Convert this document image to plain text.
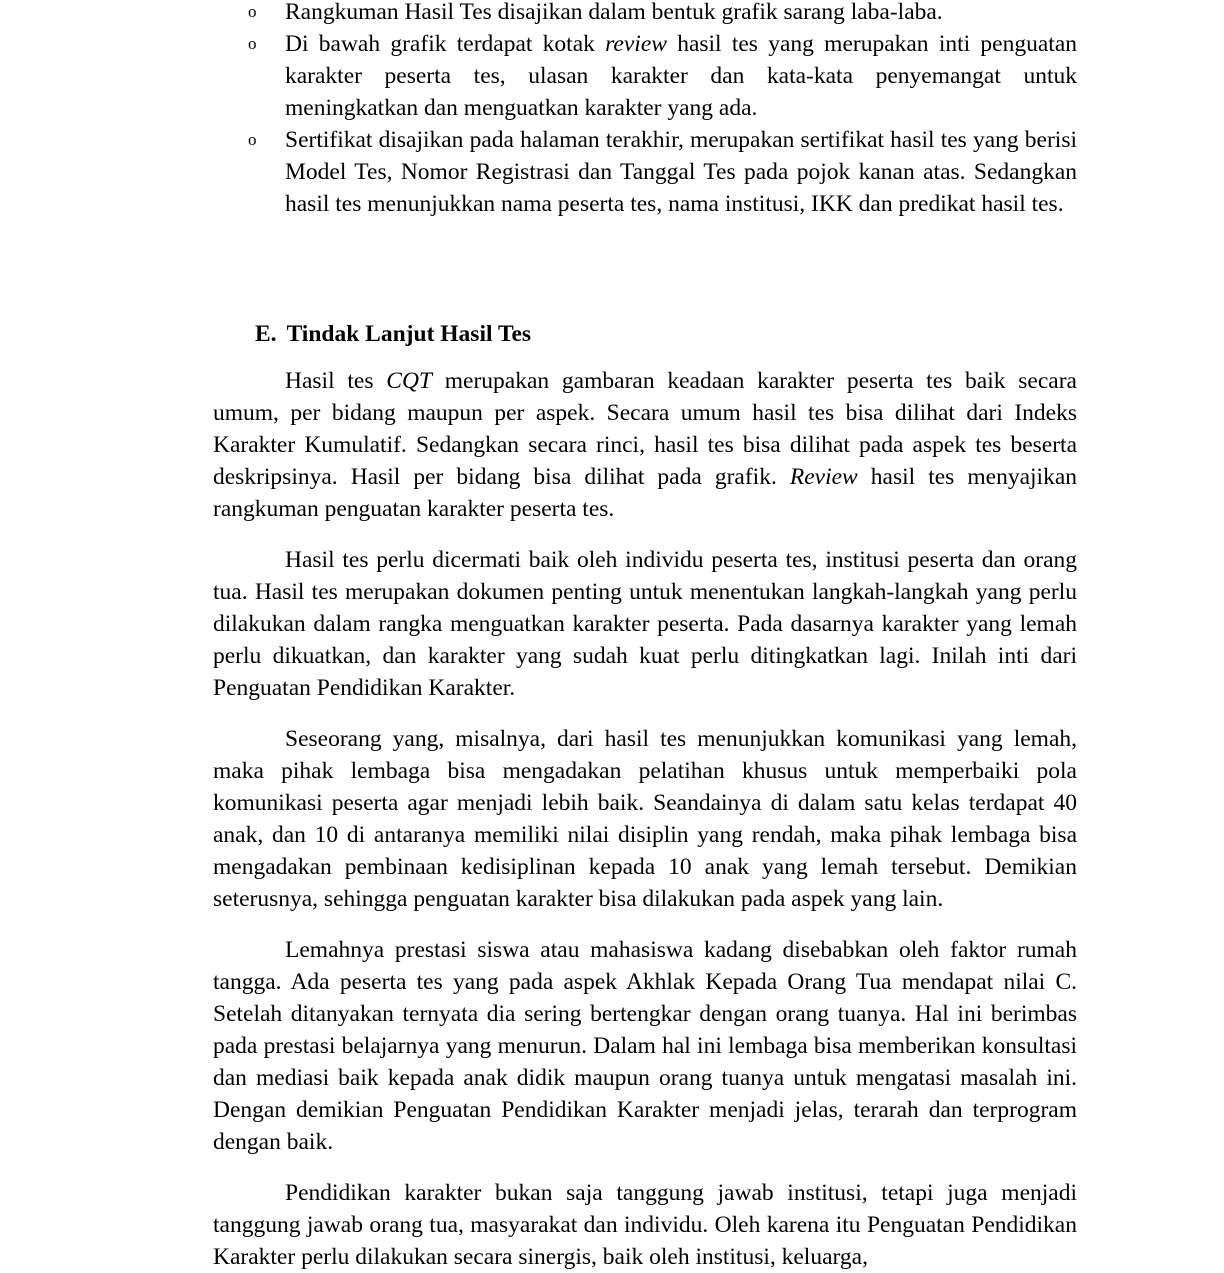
o Rangkuman Hasil Tes disajikan dalam bentuk grafik sarang laba-laba.
o Di bawah grafik terdapat kotak review hasil tes yang merupakan inti penguatan karakter peserta tes, ulasan karakter dan kata-kata penyemangat untuk meningkatkan dan menguatkan karakter yang ada.
o Sertifikat disajikan pada halaman terakhir, merupakan sertifikat hasil tes yang berisi Model Tes, Nomor Registrasi dan Tanggal Tes pada pojok kanan atas. Sedangkan hasil tes menunjukkan nama peserta tes, nama institusi, IKK dan predikat hasil tes.
E. Tindak Lanjut Hasil Tes

Hasil tes CQT merupakan gambaran keadaan karakter peserta tes baik secara umum, per bidang maupun per aspek. Secara umum hasil tes bisa dilihat dari Indeks Karakter Kumulatif. Sedangkan secara rinci, hasil tes bisa dilihat pada aspek tes beserta deskripsinya. Hasil per bidang bisa dilihat pada grafik. Review hasil tes menyajikan rangkuman penguatan karakter peserta tes.

Hasil tes perlu dicermati baik oleh individu peserta tes, institusi peserta dan orang tua. Hasil tes merupakan dokumen penting untuk menentukan langkah-langkah yang perlu dilakukan dalam rangka menguatkan karakter peserta. Pada dasarnya karakter yang lemah perlu dikuatkan, dan karakter yang sudah kuat perlu ditingkatkan lagi. Inilah inti dari Penguatan Pendidikan Karakter.

Seseorang yang, misalnya, dari hasil tes menunjukkan komunikasi yang lemah, maka pihak lembaga bisa mengadakan pelatihan khusus untuk memperbaiki pola komunikasi peserta agar menjadi lebih baik. Seandainya di dalam satu kelas terdapat 40 anak, dan 10 di antaranya memiliki nilai disiplin yang rendah, maka pihak lembaga bisa mengadakan pembinaan kedisiplinan kepada 10 anak yang lemah tersebut. Demikian seterusnya, sehingga penguatan karakter bisa dilakukan pada aspek yang lain.

Lemahnya prestasi siswa atau mahasiswa kadang disebabkan oleh faktor rumah tangga. Ada peserta tes yang pada aspek Akhlak Kepada Orang Tua mendapat nilai C. Setelah ditanyakan ternyata dia sering bertengkar dengan orang tuanya. Hal ini berimbas pada prestasi belajarnya yang menurun. Dalam hal ini lembaga bisa memberikan konsultasi dan mediasi baik kepada anak didik maupun orang tuanya untuk mengatasi masalah ini. Dengan demikian Penguatan Pendidikan Karakter menjadi jelas, terarah dan terprogram dengan baik.

Pendidikan karakter bukan saja tanggung jawab institusi, tetapi juga menjadi tanggung jawab orang tua, masyarakat dan individu. Oleh karena itu Penguatan Pendidikan Karakter perlu dilakukan secara sinergis, baik oleh institusi, keluarga,
